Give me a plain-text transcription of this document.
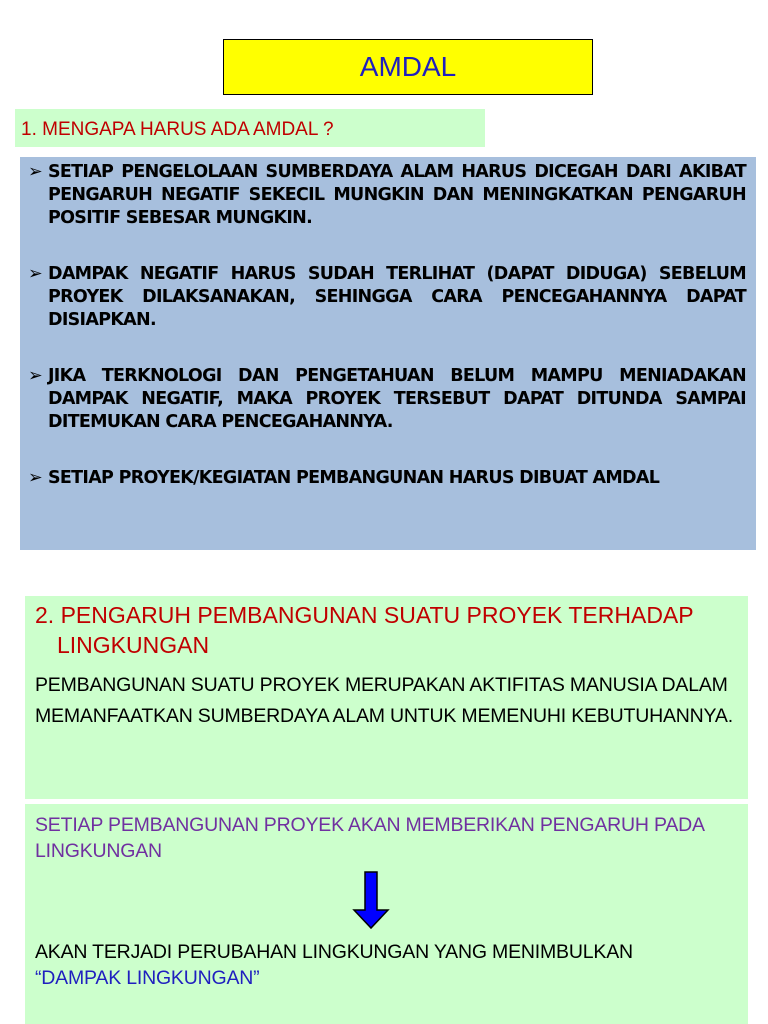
AMDAL
1. MENGAPA HARUS ADA AMDAL ?
➢ SETIAP PENGELOLAAN SUMBERDAYA ALAM HARUS DICEGAH DARI AKIBAT PENGARUH NEGATIF SEKECIL MUNGKIN DAN MENINGKATKAN PENGARUH POSITIF SEBESAR MUNGKIN.
➢ DAMPAK NEGATIF HARUS SUDAH TERLIHAT (DAPAT DIDUGA) SEBELUM PROYEK DILAKSANAKAN, SEHINGGA CARA PENCEGAHANNYA DAPAT DISIAPKAN.
➢ JIKA TERKNOLOGI DAN PENGETAHUAN BELUM MAMPU MENIADAKAN DAMPAK NEGATIF, MAKA PROYEK TERSEBUT DAPAT DITUNDA SAMPAI DITEMUKAN CARA PENCEGAHANNYA.
➢ SETIAP PROYEK/KEGIATAN PEMBANGUNAN HARUS DIBUAT AMDAL
2. PENGARUH PEMBANGUNAN SUATU PROYEK TERHADAP LINGKUNGAN
PEMBANGUNAN SUATU PROYEK MERUPAKAN AKTIFITAS MANUSIA DALAM MEMANFAATKAN SUMBERDAYA ALAM UNTUK MEMENUHI KEBUTUHANNYA.
SETIAP PEMBANGUNAN PROYEK AKAN MEMBERIKAN PENGARUH PADA LINGKUNGAN
AKAN TERJADI PERUBAHAN LINGKUNGAN YANG MENIMBULKAN
“DAMPAK LINGKUNGAN”
